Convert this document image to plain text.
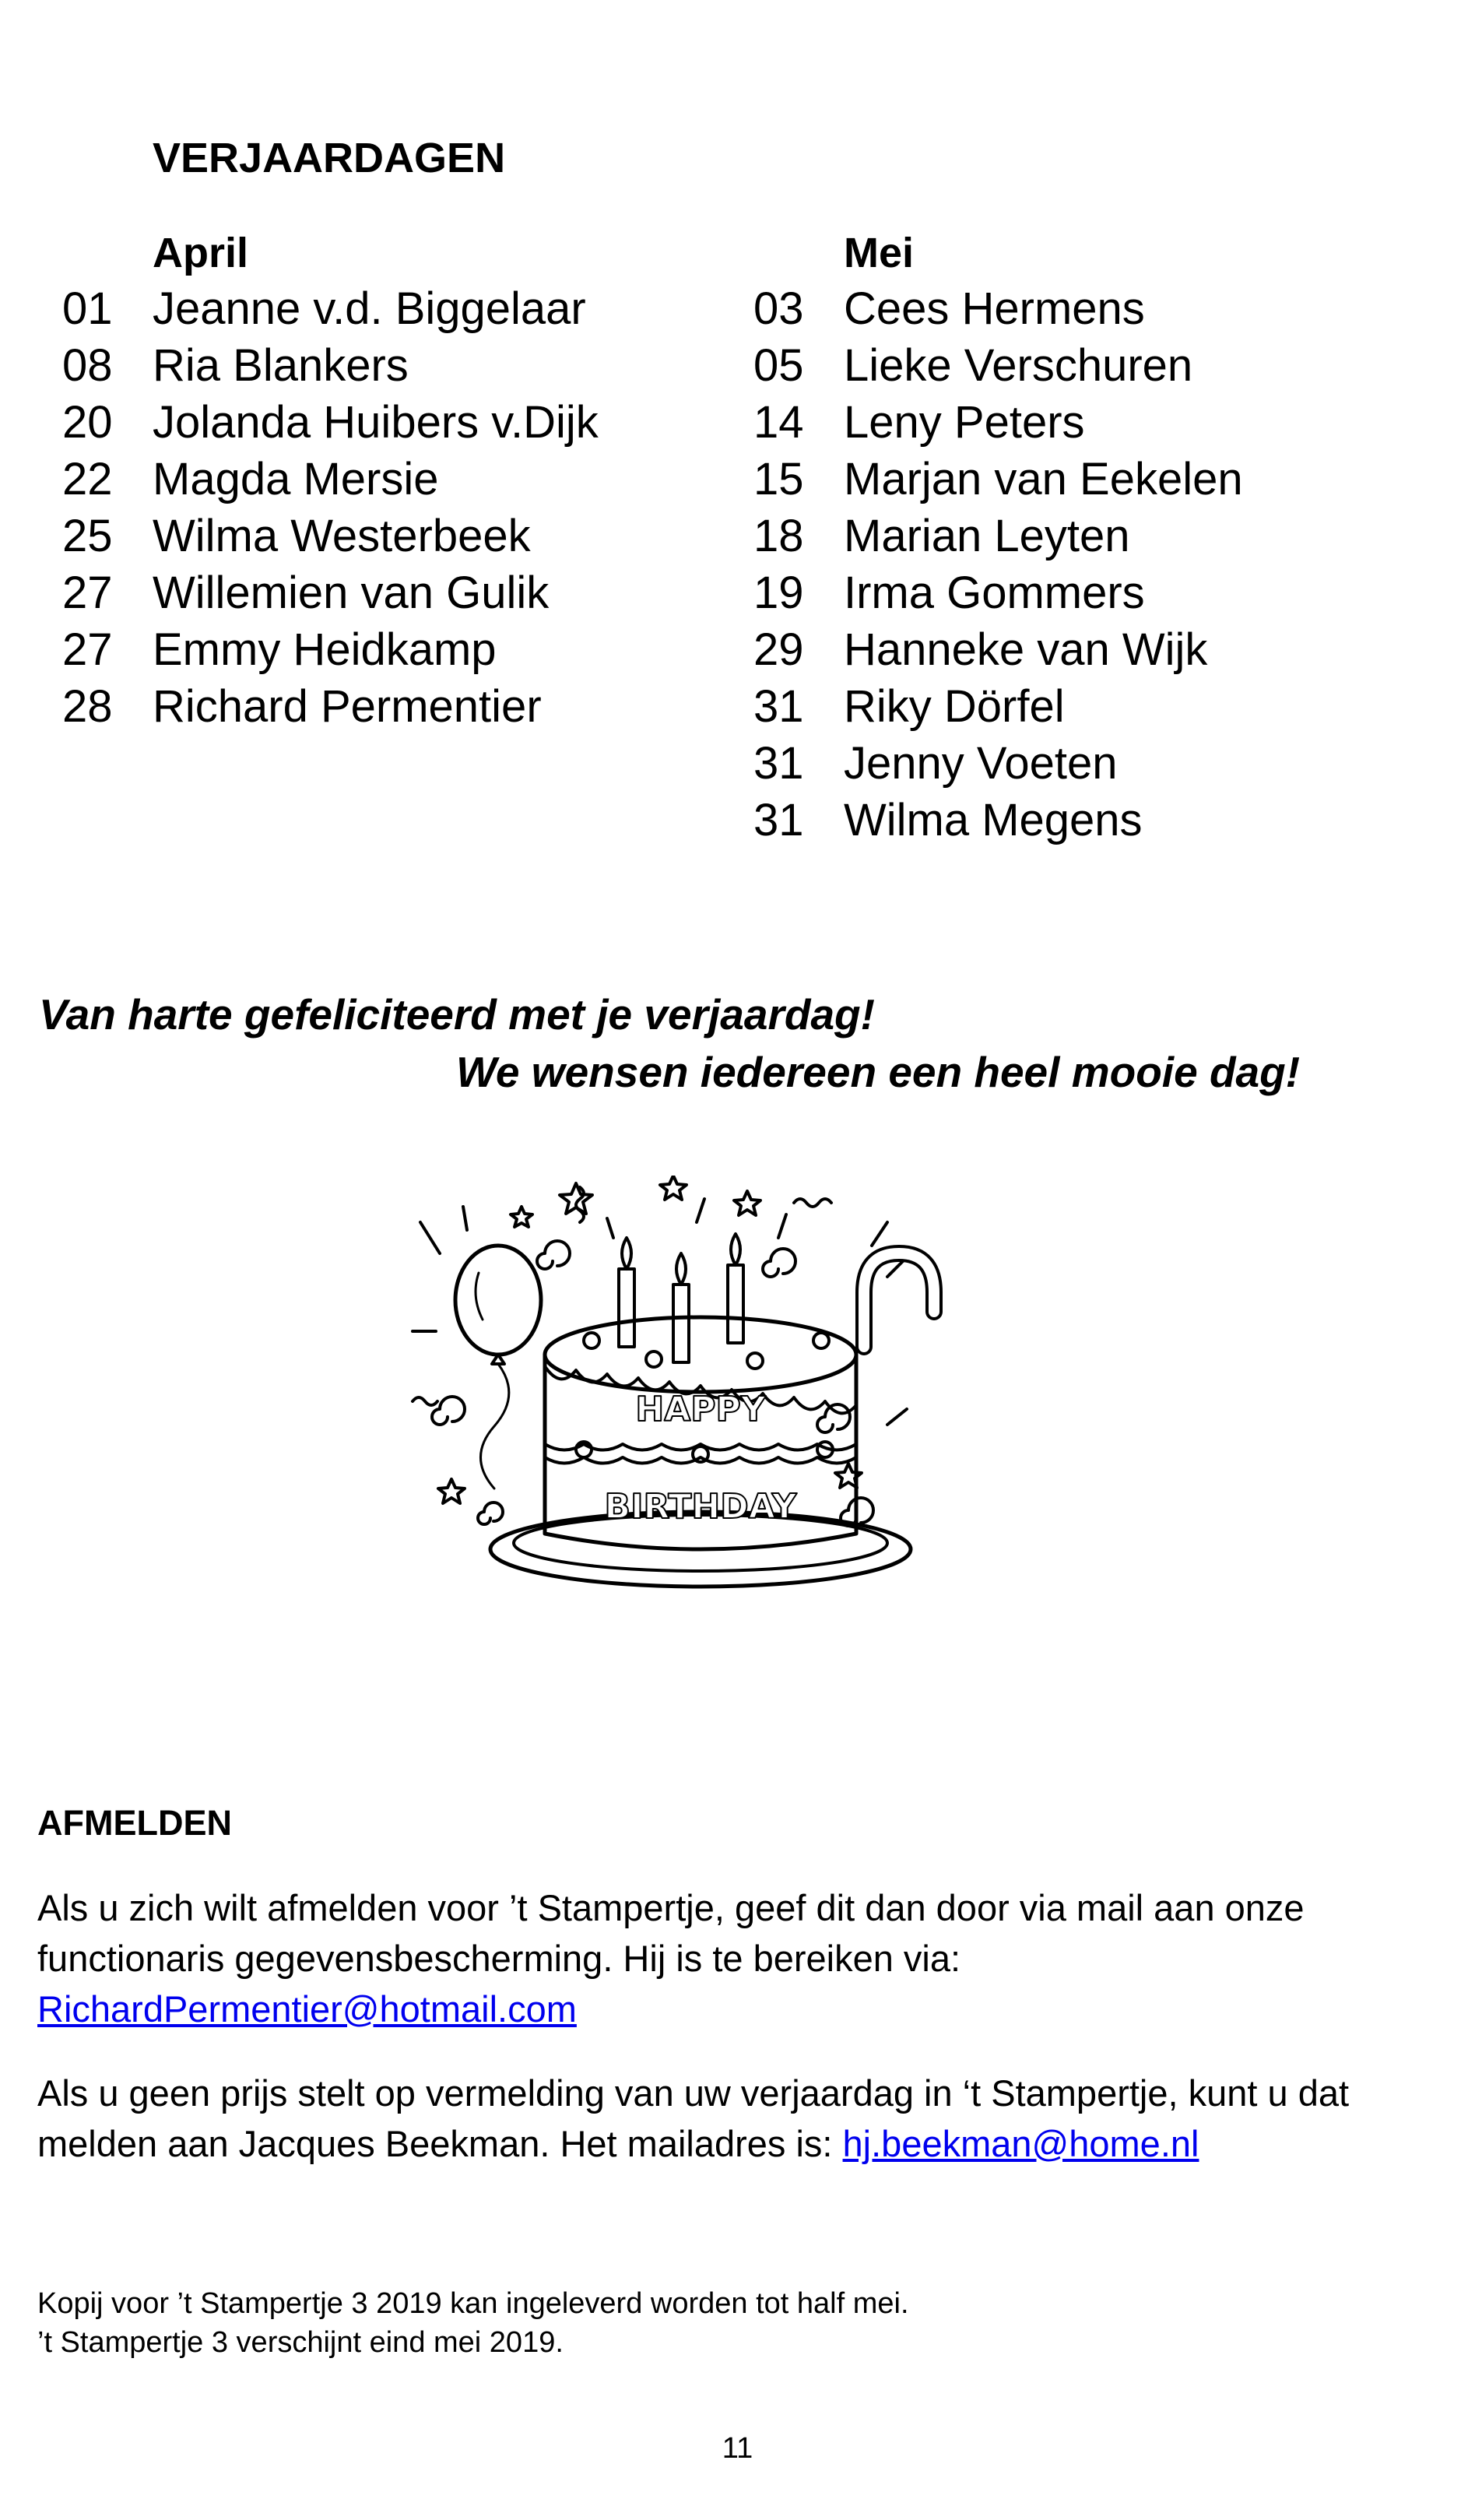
VERJAARDAGEN
April
01 Jeanne v.d. Biggelaar
08 Ria Blankers
20 Jolanda Huibers v.Dijk
22 Magda Mersie
25 Wilma Westerbeek
27 Willemien van Gulik
27 Emmy Heidkamp
28 Richard Permentier
Mei
03 Cees Hermens
05 Lieke Verschuren
14 Leny Peters
15 Marjan van Eekelen
18 Marian Leyten
19 Irma Gommers
29 Hanneke van Wijk
31 Riky Dörfel
31 Jenny Voeten
31 Wilma Megens
Van harte gefeliciteerd met je verjaardag!
We wensen iedereen een heel mooie dag!
HAPPY
BIRTHDAY
AFMELDEN
Als u zich wilt afmelden voor ’t Stampertje, geef dit dan door via mail aan onze functionaris gegevensbescherming. Hij is te bereiken via:
RichardPermentier@hotmail.com
Als u geen prijs stelt op vermelding van uw verjaardag in ‘t Stampertje, kunt u dat melden aan Jacques Beekman. Het mailadres is: hj.beekman@home.nl
Kopij voor ’t Stampertje 3 2019 kan ingeleverd worden tot half mei.
’t Stampertje 3 verschijnt eind mei 2019.
11
